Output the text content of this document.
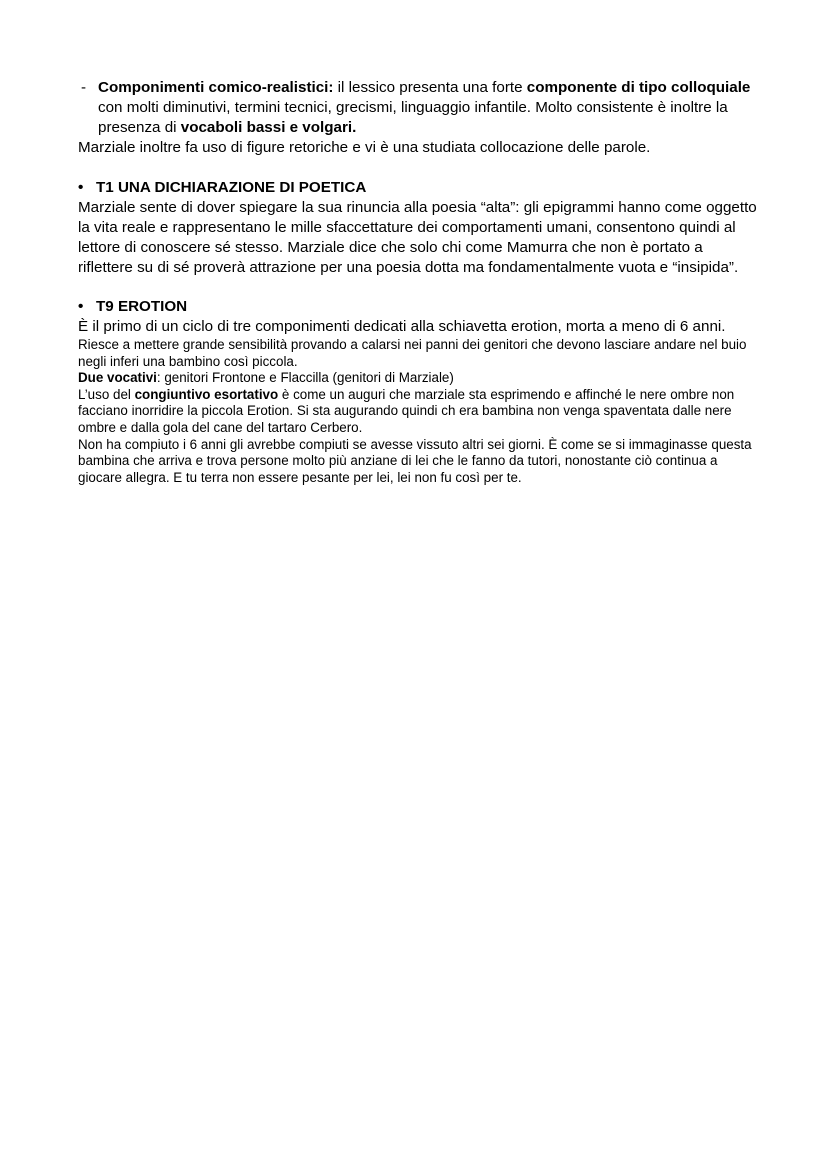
- Componimenti comico-realistici: il lessico presenta una forte componente di tipo colloquiale con molti diminutivi, termini tecnici, grecismi, linguaggio infantile. Molto consistente è inoltre la presenza di vocaboli bassi e volgari.

Marziale inoltre fa uso di figure retoriche e vi è una studiata collocazione delle parole.

• T1 UNA DICHIARAZIONE DI POETICA

Marziale sente di dover spiegare la sua rinuncia alla poesia “alta”: gli epigrammi hanno come oggetto la vita reale e rappresentano le mille sfaccettature dei comportamenti umani, consentono quindi al lettore di conoscere sé stesso. Marziale dice che solo chi come Mamurra che non è portato a riflettere su di sé proverà attrazione per una poesia dotta ma fondamentalmente vuota e “insipida”.

• T9 EROTION

È il primo di un ciclo di tre componimenti dedicati alla schiavetta erotion, morta a meno di 6 anni.

Riesce a mettere grande sensibilità provando a calarsi nei panni dei genitori che devono lasciare andare nel buio negli inferi una bambino così piccola.

Due vocativi: genitori Frontone e Flaccilla (genitori di Marziale)

L’uso del congiuntivo esortativo è come un auguri che marziale sta esprimendo e affinché le nere ombre non facciano inorridire la piccola Erotion. Si sta augurando quindi ch era bambina non venga spaventata dalle nere ombre e dalla gola del cane del tartaro Cerbero.

Non ha compiuto i 6 anni gli avrebbe compiuti se avesse vissuto altri sei giorni. È come se si immaginasse questa bambina che arriva e trova persone molto più anziane di lei che le fanno da tutori, nonostante ciò continua a giocare allegra. E tu terra non essere pesante per lei, lei non fu così per te.
